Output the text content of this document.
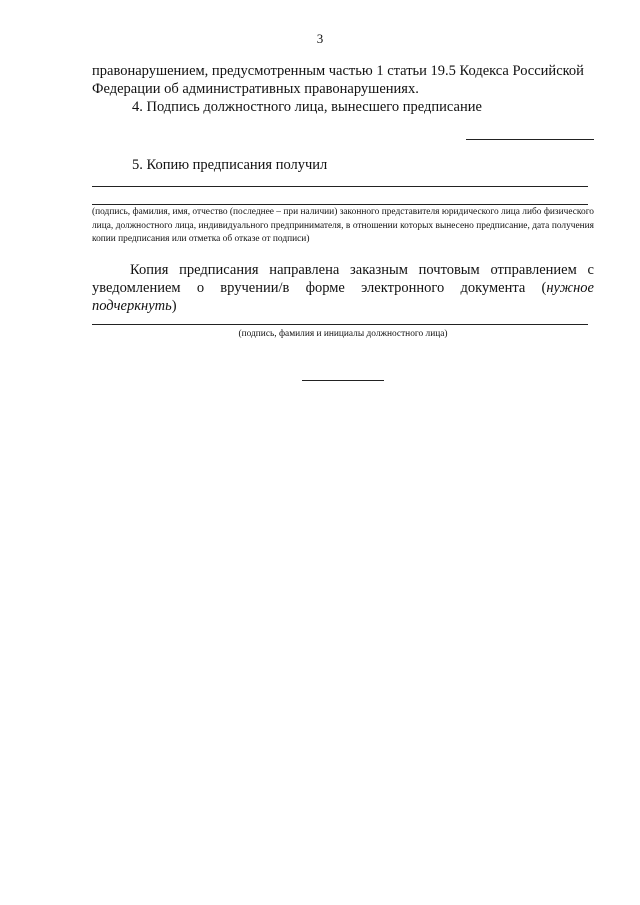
3
правонарушением, предусмотренным частью 1 статьи 19.5 Кодекса Российской
Федерации об административных правонарушениях.
4. Подпись должностного лица, вынесшего предписание
5. Копию предписания получил
(подпись, фамилия, имя, отчество (последнее – при наличии) законного представителя юридического лица либо физического лица, должностного лица, индивидуального предпринимателя, в отношении которых вынесено предписание, дата получения копии предписания или отметка об отказе от подписи)
Копия предписания направлена заказным почтовым отправлением с уведомлением о вручении/в форме электронного документа (нужное подчеркнуть)
(подпись, фамилия и инициалы должностного лица)
